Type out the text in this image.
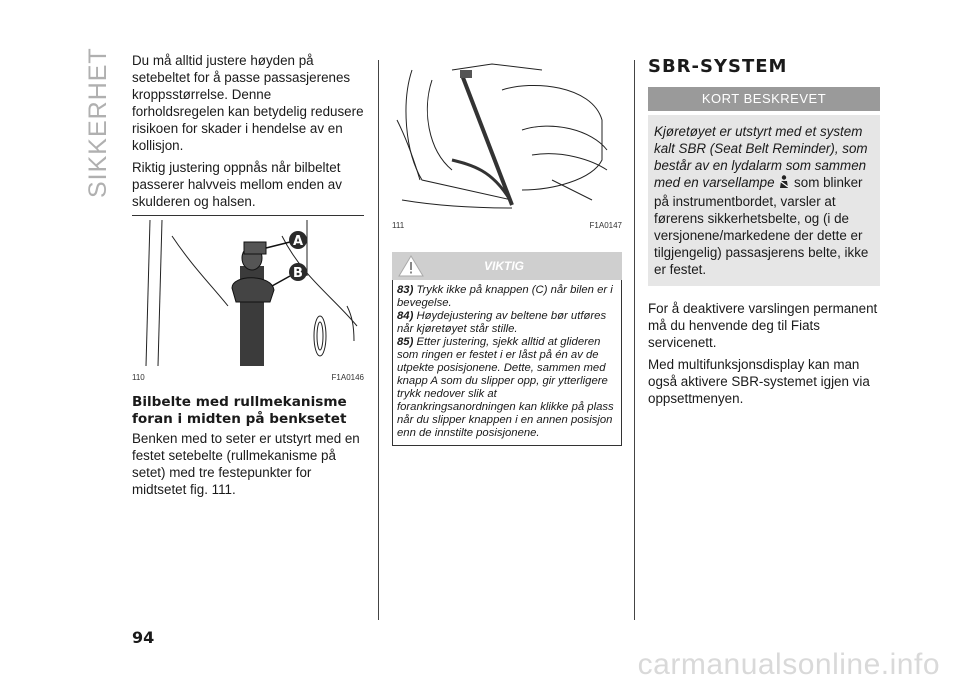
SIKKERHET Du må alltid justere høyden på setebeltet for å passe passasjerenes kroppsstørrelse. Denne forholdsregelen kan betydelig redusere risikoen for skader i hendelse av en kollisjon.

Riktig justering oppnås når bilbeltet passerer halvveis mellom enden av skulderen og halsen.

A
B
110	F1A0146
Bilbelte med rullmekanisme foran i midten på benksetet

Benken med to seter er utstyrt med en festet setebelte (rullmekanisme på setet) med tre festepunkter for midtsetet fig. 111.

111	F1A0147
VIKTIG

83) Trykk ikke på knappen (C) når bilen er i bevegelse.

84) Høydejustering av beltene bør utføres når kjøretøyet står stille.

85) Etter justering, sjekk alltid at glideren som ringen er festet i er låst på én av de utpekte posisjonene. Dette, sammen med knapp A som du slipper opp, gir ytterligere trykk nedover slik at forankringsanordningen kan klikke på plass når du slipper knappen i en annen posisjon enn de innstilte posisjonene.

SBR-SYSTEM
KORT BESKREVET

Kjøretøyet er utstyrt med et system kalt SBR (Seat Belt Reminder), som består av en lydalarm som sammen med en varsellampe som blinker på instrumentbordet, varsler at førerens sikkerhetsbelte, og (i de versjonene/markedene der dette er tilgjengelig) passasjerens belte, ikke er festet.

For å deaktivere varslingen permanent må du henvende deg til Fiats servicenett.

Med multifunksjonsdisplay kan man også aktivere SBR-systemet igjen via oppsettmenyen.

94
carmanualsonline.info
